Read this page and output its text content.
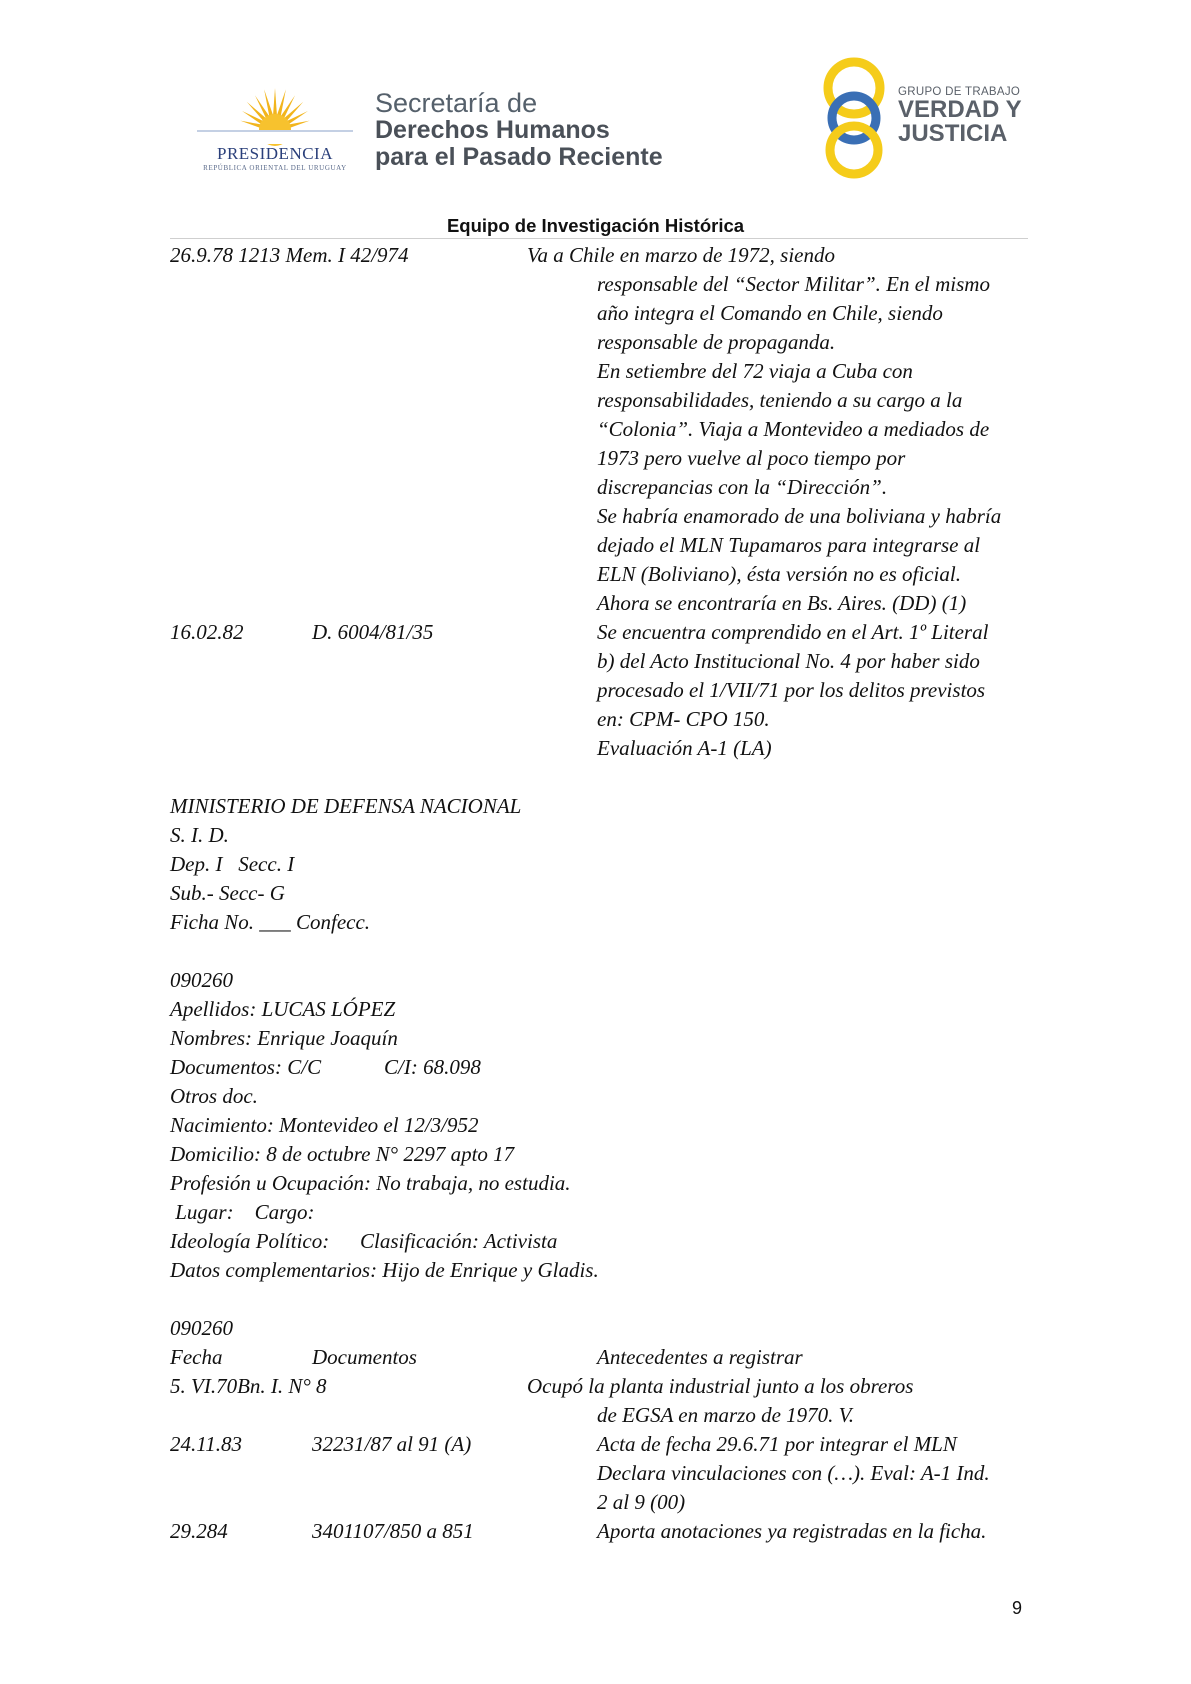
PRESIDENCIA
REPÚBLICA ORIENTAL DEL URUGUAY
Secretaría de
Derechos Humanos
para el Pasado Reciente
GRUPO DE TRABAJO
VERDAD Y
JUSTICIA
Equipo de Investigación Histórica
26.9.78 1213 Mem. I 42/974	Va a Chile en marzo de 1972, siendo
responsable del “Sector Militar”. En el mismo
año integra el Comando en Chile, siendo
responsable de propaganda.
En setiembre del 72 viaja a Cuba con
responsabilidades, teniendo a su cargo a la
“Colonia”. Viaja a Montevideo a mediados de
1973 pero vuelve al poco tiempo por
discrepancias con la “Dirección”.
Se habría enamorado de una boliviana y habría
dejado el MLN Tupamaros para integrarse al
ELN (Boliviano), ésta versión no es oficial.
Ahora se encontraría en Bs. Aires. (DD) (1)
16.02.82	D. 6004/81/35	Se encuentra comprendido en el Art. 1º Literal
b) del Acto Institucional No. 4 por haber sido
procesado el 1/VII/71 por los delitos previstos
en: CPM- CPO 150.
Evaluación A-1 (LA)
MINISTERIO DE DEFENSA NACIONAL
S. I. D.
Dep. I   Secc. I
Sub.- Secc- G
Ficha No. ___ Confecc.
090260
Apellidos: LUCAS LÓPEZ
Nombres: Enrique Joaquín
Documentos: C/C	C/I: 68.098
Otros doc.
Nacimiento: Montevideo el 12/3/952
Domicilio: 8 de octubre N° 2297 apto 17
Profesión u Ocupación: No trabaja, no estudia.
Lugar:    Cargo:
Ideología Político: Clasificación: Activista
Datos complementarios: Hijo de Enrique y Gladis.
090260
Fecha	Documentos	Antecedentes a registrar
5. VI.70Bn. I. N° 8	Ocupó la planta industrial junto a los obreros
de EGSA en marzo de 1970. V.
24.11.83	32231/87 al 91 (A)	Acta de fecha 29.6.71 por integrar el MLN
Declara vinculaciones con (…). Eval: A-1 Ind.
2 al 9 (00)
29.284	3401107/850 a 851	Aporta anotaciones ya registradas en la ficha.
9
